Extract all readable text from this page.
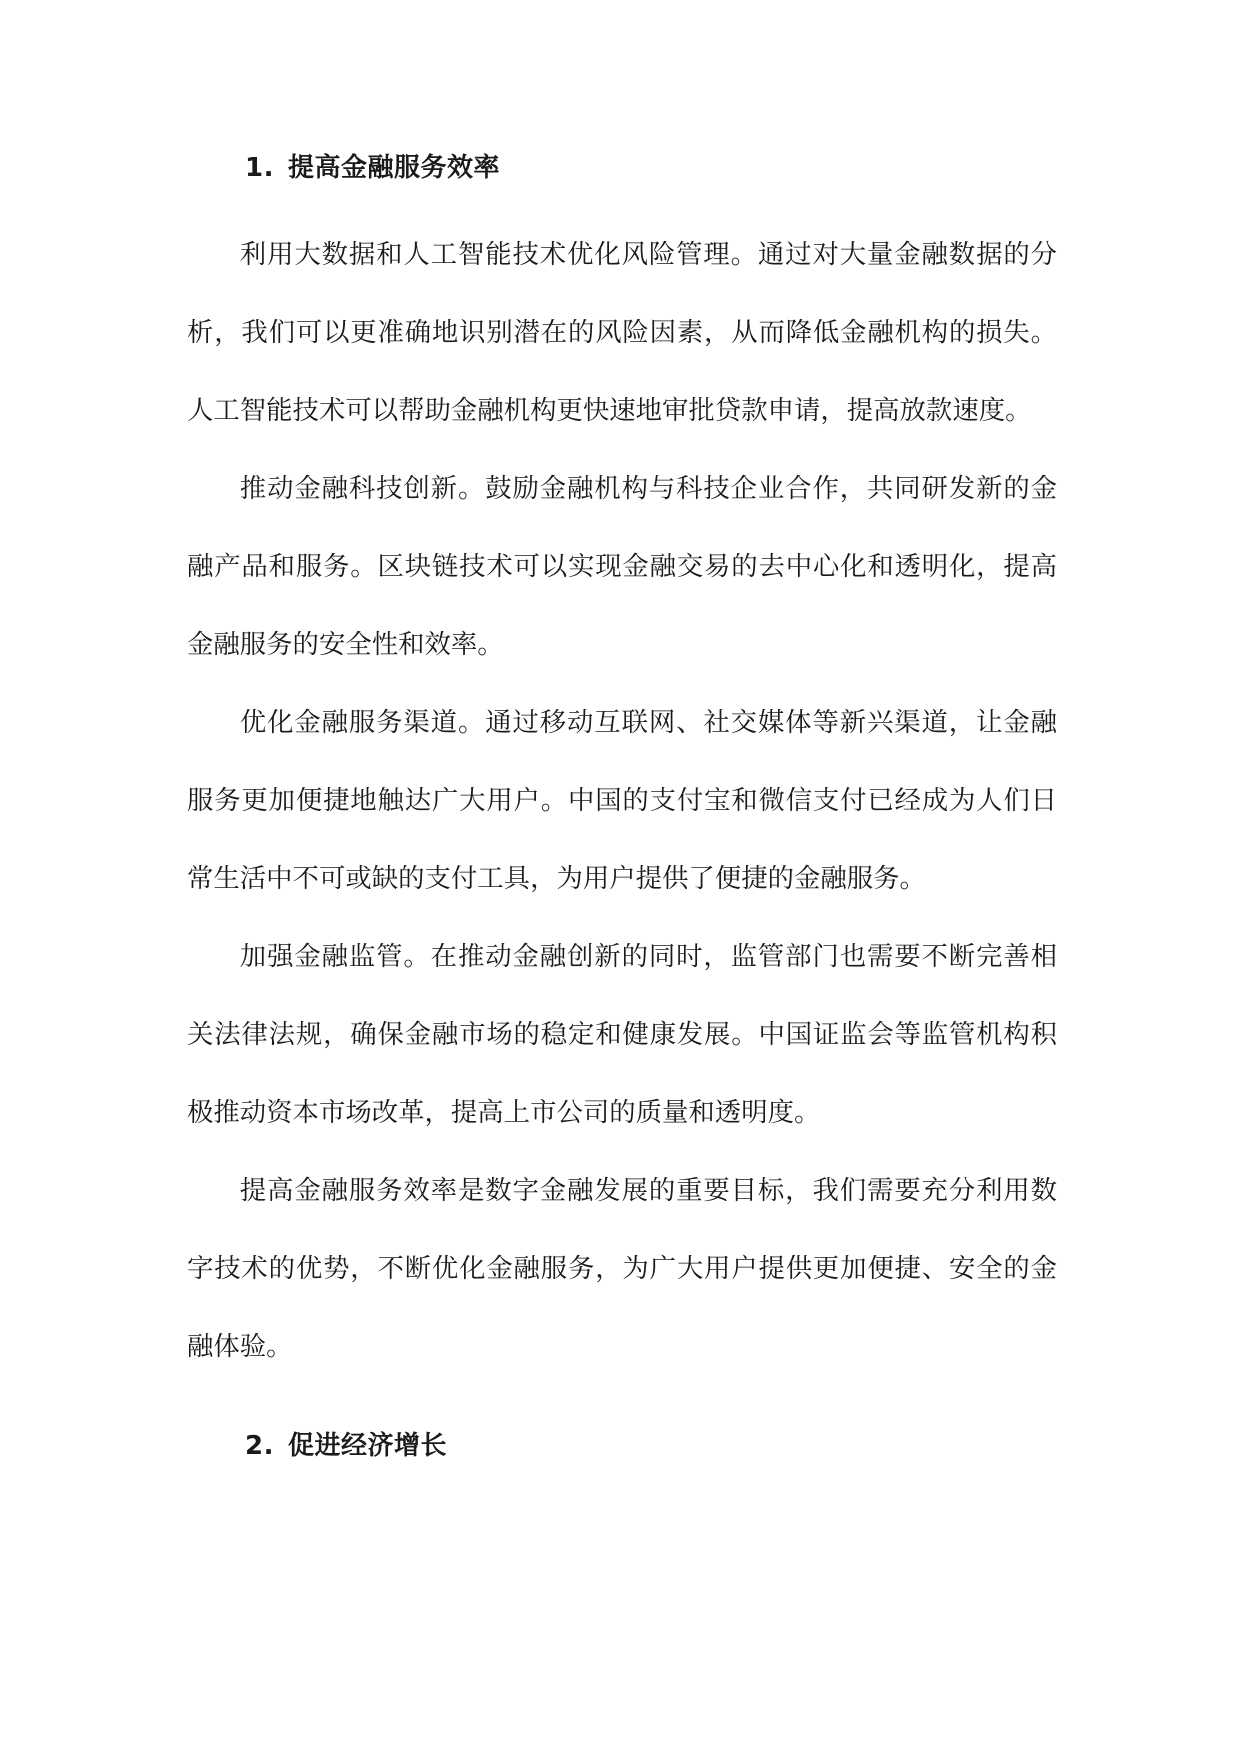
1. 提高金融服务效率

利用大数据和人工智能技术优化风险管理。通过对大量金融数据的分析，我们可以更准确地识别潜在的风险因素，从而降低金融机构的损失。人工智能技术可以帮助金融机构更快速地审批贷款申请，提高放款速度。

推动金融科技创新。鼓励金融机构与科技企业合作，共同研发新的金融产品和服务。区块链技术可以实现金融交易的去中心化和透明化，提高金融服务的安全性和效率。

优化金融服务渠道。通过移动互联网、社交媒体等新兴渠道，让金融服务更加便捷地触达广大用户。中国的支付宝和微信支付已经成为人们日常生活中不可或缺的支付工具，为用户提供了便捷的金融服务。

加强金融监管。在推动金融创新的同时，监管部门也需要不断完善相关法律法规，确保金融市场的稳定和健康发展。中国证监会等监管机构积极推动资本市场改革，提高上市公司的质量和透明度。

提高金融服务效率是数字金融发展的重要目标，我们需要充分利用数字技术的优势，不断优化金融服务，为广大用户提供更加便捷、安全的金融体验。

2. 促进经济增长
